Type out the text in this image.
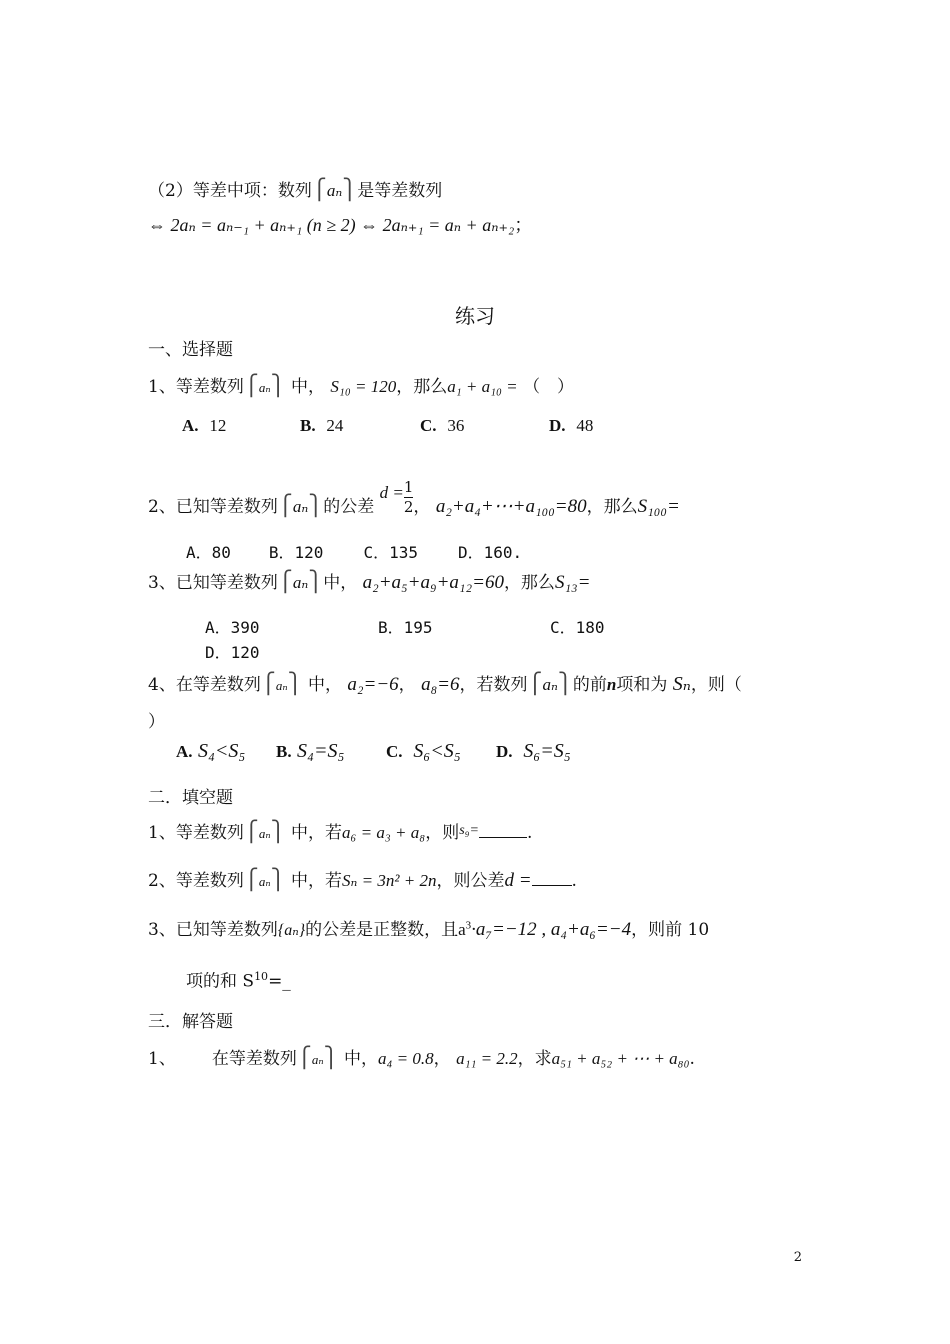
（2）等差中项：数列⎧aₙ⎫是等差数列
⇔ 2aₙ = aₙ₋₁ + aₙ₊₁ (n ≥ 2) ⇔ 2aₙ₊₁ = aₙ + aₙ₊₂；
练习
一、选择题
1、等差数列⎧aₙ⎫ 中， S₁₀ = 120，那么a₁ + a₁₀ = （　）
A. 12	B. 24	C. 36	D. 48
2、已知等差数列⎧aₙ⎫的公差 $d = \frac{1}{2}$ ， a₂+a₄+⋯+a₁₀₀=80，那么S₁₀₀=
A．80 B．120	C．135	D．160.
3、已知等差数列⎧aₙ⎫中， a₂+a₅+a₉+a₁₂=60，那么S₁₃=
A．390	B．195	C．180
D．120
4、在等差数列⎧aₙ⎫ 中， a₂=−6， a₈=6，若数列⎧aₙ⎫的前n项和为 Sₙ，则（
）
A. S₄<S₅ B. S₄=S₅ C. S₆<S₅ D. S₆=S₅
二．填空题
1、等差数列⎧aₙ⎫ 中，若a₆ = a₃ + a₈，则$^{s_9=}$	.
2、等差数列⎧aₙ⎫ 中，若Sₙ = 3n² + 2n，则公差d = .
3、已知等差数列{aₙ}的公差是正整数，且$a^3\cdot a_7=-12$ , a₄+a₆=−4，则前 10
项的和 $S^{10}=\_$
三．解答题
1、 在等差数列⎧aₙ⎫ 中，a₄ = 0.8， a₁₁ = 2.2，求a₅₁ + a₅₂ + ⋯ + a₈₀.
2
